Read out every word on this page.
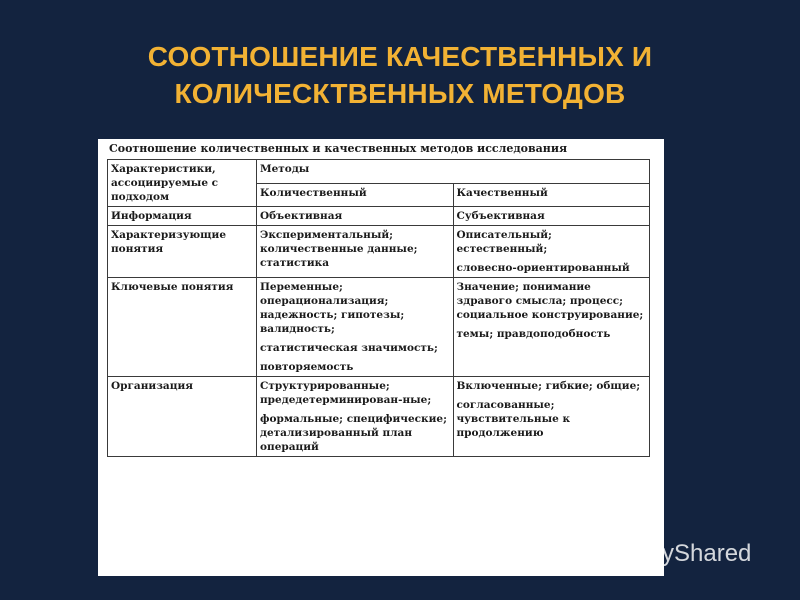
СООТНОШЕНИЕ КАЧЕСТВЕННЫХ И
КОЛИЧЕСКТВЕННЫХ МЕТОДОВ
Соотношение количественных и качественных методов исследования
Характеристики, ассоциируемые с подходом	Методы	
	Количественный	Качественный
Информация	Объективная	Субъективная

Характеризующие понятия	Экспериментальный; количественные данные; статистика	Описательный; естественный;
словесно-ориентированный

Ключевые понятия	Переменные; операционализация; надежность; гипотезы; валидность;
статистическая значимость;
повторяемость	Значение; понимание здравого смысла; процесс; социальное конструирование;
темы; правдоподобность

Организация	Структурированные; предедетерминирован-ные;
формальные; специфические; детализированный план операций	Включенные; гибкие; общие;
согласованные; чувствительные к продолжению
MyShared
